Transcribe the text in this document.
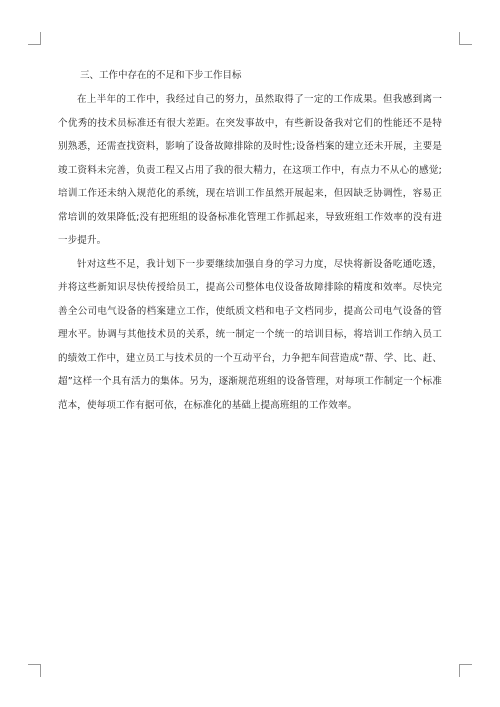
三、工作中存在的不足和下步工作目标

在上半年的工作中，我经过自己的努力，虽然取得了一定的工作成果。但我感到离一个优秀的技术员标准还有很大差距。在突发事故中，有些新设备我对它们的性能还不是特别熟悉，还需查找资料，影响了设备故障排除的及时性;设备档案的建立还未开展，主要是竣工资料未完善，负责工程又占用了我的很大精力，在这项工作中，有点力不从心的感觉;培训工作还未纳入规范化的系统，现在培训工作虽然开展起来，但因缺乏协调性，容易正常培训的效果降低;没有把班组的设备标准化管理工作抓起来，导致班组工作效率的没有进一步提升。

针对这些不足，我计划下一步要继续加强自身的学习力度，尽快将新设备吃通吃透，并将这些新知识尽快传授给员工，提高公司整体电仪设备故障排除的精度和效率。尽快完善全公司电气设备的档案建立工作，使纸质文档和电子文档同步，提高公司电气设备的管理水平。协调与其他技术员的关系，统一制定一个统一的培训目标，将培训工作纳入员工的绩效工作中，建立员工与技术员的一个互动平台，力争把车间营造成“帮、学、比、赶、超”这样一个具有活力的集体。另为，逐渐规范班组的设备管理，对每项工作制定一个标准范本，使每项工作有据可依，在标准化的基础上提高班组的工作效率。
